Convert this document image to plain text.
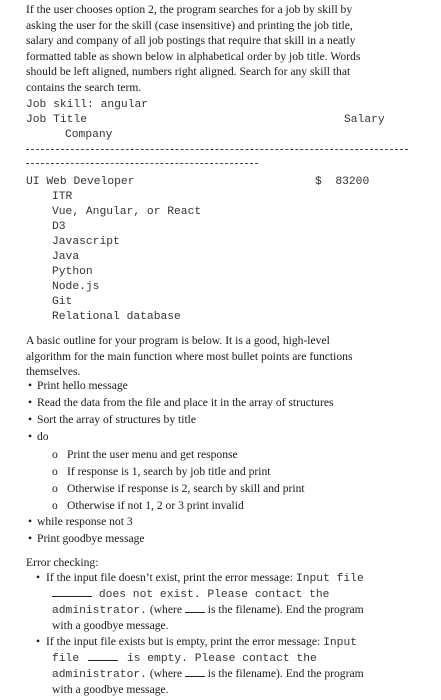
If the user chooses option 2, the program searches for a job by skill by
asking the user for the skill (case insensitive) and printing the job title,
salary and company of all job postings that require that skill in a neatly
formatted table as shown below in alphabetical order by job title. Words
should be left aligned, numbers right aligned. Search for any skill that
contains the search term.
Job skill: angular
Job Title	Salary
Company
UI Web Developer	$  83200
ITR
Vue, Angular, or React
D3
Javascript
Java
Python
Node.js
Git
Relational database
A basic outline for your program is below. It is a good, high-level
algorithm for the main function where most bullet points are functions
themselves.
• Print hello message
• Read the data from the file and place it in the array of structures
• Sort the array of structures by title
• do
o Print the user menu and get response
o If response is 1, search by job title and print
o Otherwise if response is 2, search by skill and print
o Otherwise if not 1, 2 or 3 print invalid
• while response not 3
• Print goodbye message
Error checking:
• If the input file doesn’t exist, print the error message: Input file
does not exist. Please contact the
administrator. (where  is the filename). End the program
with a goodbye message.
• If the input file exists but is empty, print the error message: Input
file	is empty. Please contact the
administrator. (where  is the filename). End the program
with a goodbye message.
